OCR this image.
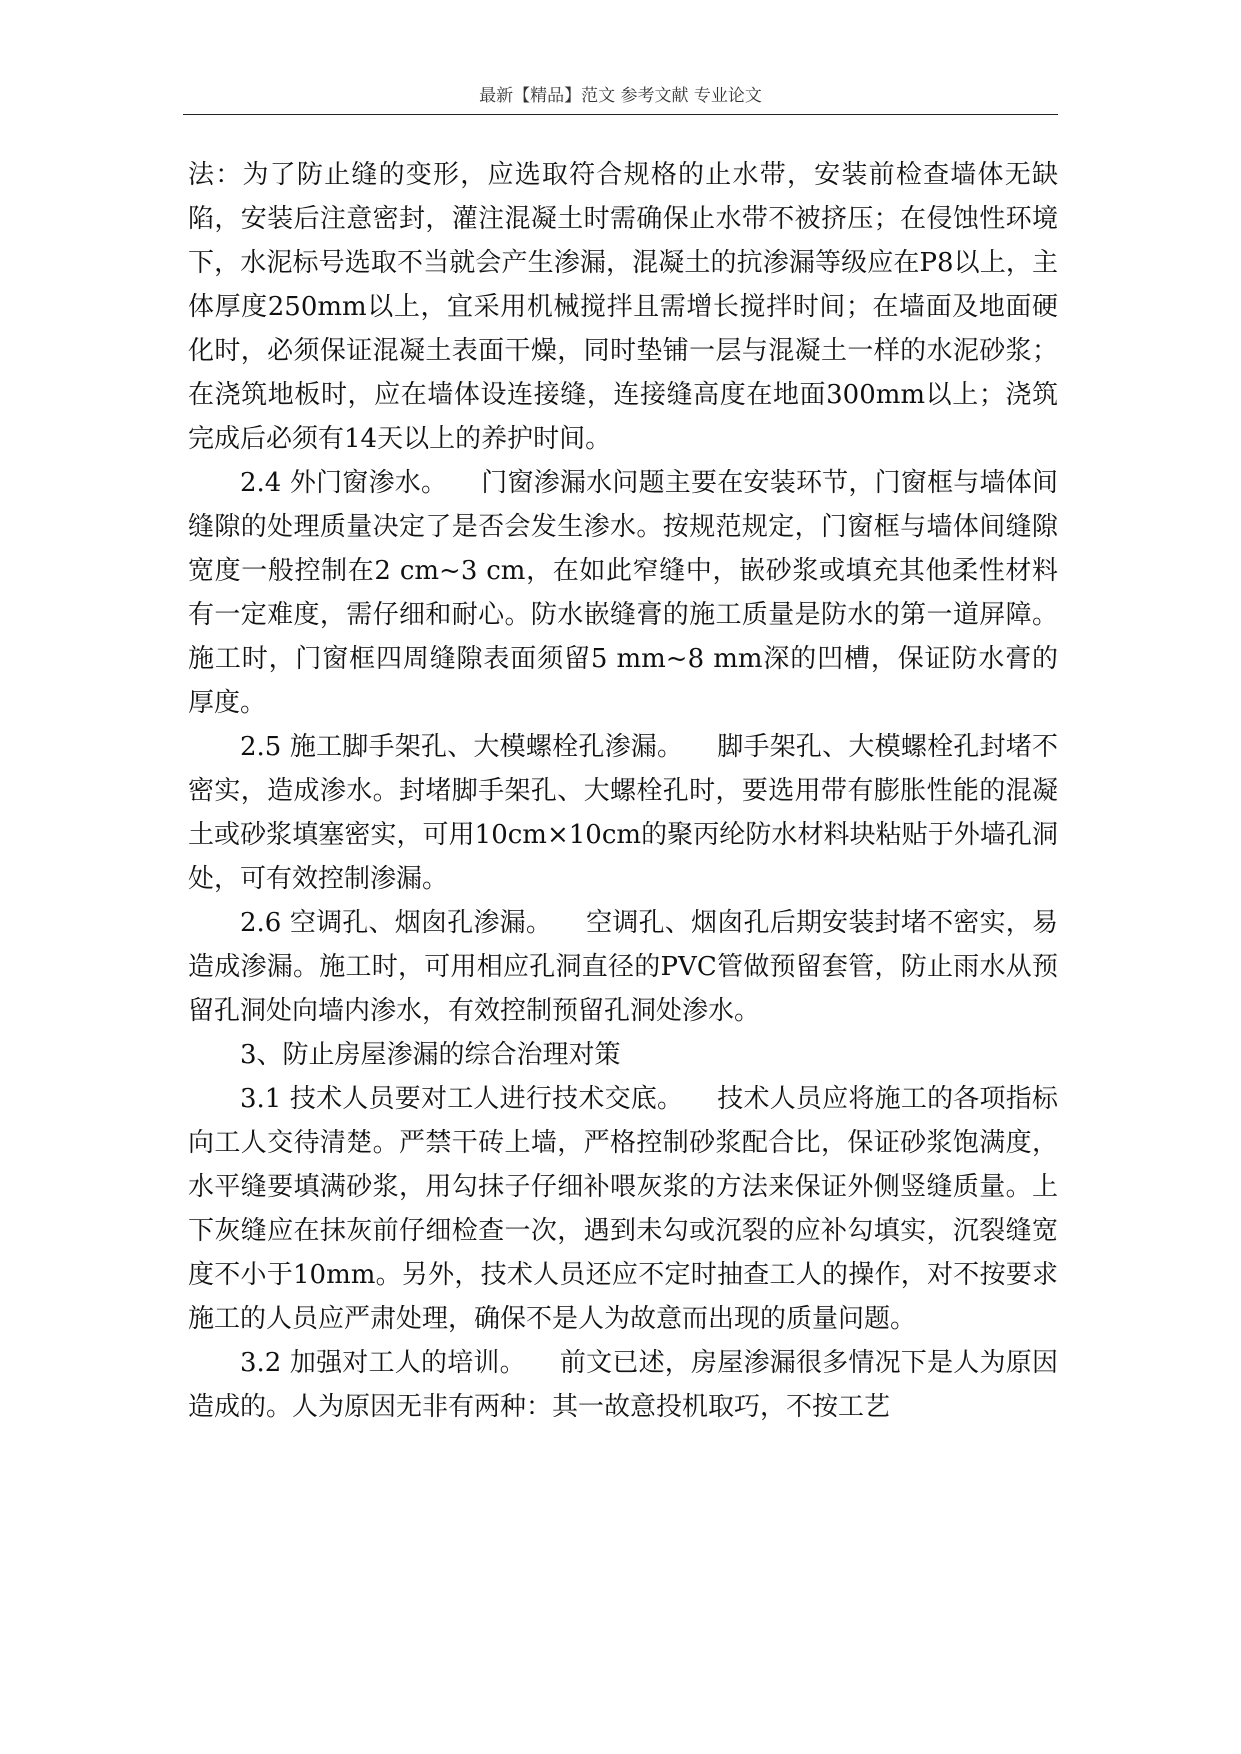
最新【精品】范文 参考文献 专业论文

法：为了防止缝的变形，应选取符合规格的止水带，安装前检查墙体无缺陷，安装后注意密封，灌注混凝土时需确保止水带不被挤压；在侵蚀性环境下，水泥标号选取不当就会产生渗漏，混凝土的抗渗漏等级应在P8以上，主体厚度250mm以上，宜采用机械搅拌且需增长搅拌时间；在墙面及地面硬化时，必须保证混凝土表面干燥，同时垫铺一层与混凝土一样的水泥砂浆；在浇筑地板时，应在墙体设连接缝，连接缝高度在地面300mm以上；浇筑完成后必须有14天以上的养护时间。

2.4 外门窗渗水。 门窗渗漏水问题主要在安装环节，门窗框与墙体间缝隙的处理质量决定了是否会发生渗水。按规范规定，门窗框与墙体间缝隙宽度一般控制在2 cm~3 cm，在如此窄缝中，嵌砂浆或填充其他柔性材料有一定难度，需仔细和耐心。防水嵌缝膏的施工质量是防水的第一道屏障。施工时，门窗框四周缝隙表面须留5 mm~8 mm深的凹槽，保证防水膏的厚度。

2.5 施工脚手架孔、大模螺栓孔渗漏。 脚手架孔、大模螺栓孔封堵不密实，造成渗水。封堵脚手架孔、大螺栓孔时，要选用带有膨胀性能的混凝土或砂浆填塞密实，可用10cm×10cm的聚丙纶防水材料块粘贴于外墙孔洞处，可有效控制渗漏。

2.6 空调孔、烟囱孔渗漏。 空调孔、烟囱孔后期安装封堵不密实，易造成渗漏。施工时，可用相应孔洞直径的PVC管做预留套管，防止雨水从预留孔洞处向墙内渗水，有效控制预留孔洞处渗水。

3、防止房屋渗漏的综合治理对策

3.1 技术人员要对工人进行技术交底。 技术人员应将施工的各项指标向工人交待清楚。严禁干砖上墙，严格控制砂浆配合比，保证砂浆饱满度，水平缝要填满砂浆，用勾抹子仔细补喂灰浆的方法来保证外侧竖缝质量。上下灰缝应在抹灰前仔细检查一次，遇到未勾或沉裂的应补勾填实，沉裂缝宽度不小于10mm。另外，技术人员还应不定时抽查工人的操作，对不按要求施工的人员应严肃处理，确保不是人为故意而出现的质量问题。

3.2 加强对工人的培训。 前文已述，房屋渗漏很多情况下是人为原因造成的。人为原因无非有两种：其一故意投机取巧，不按工艺
